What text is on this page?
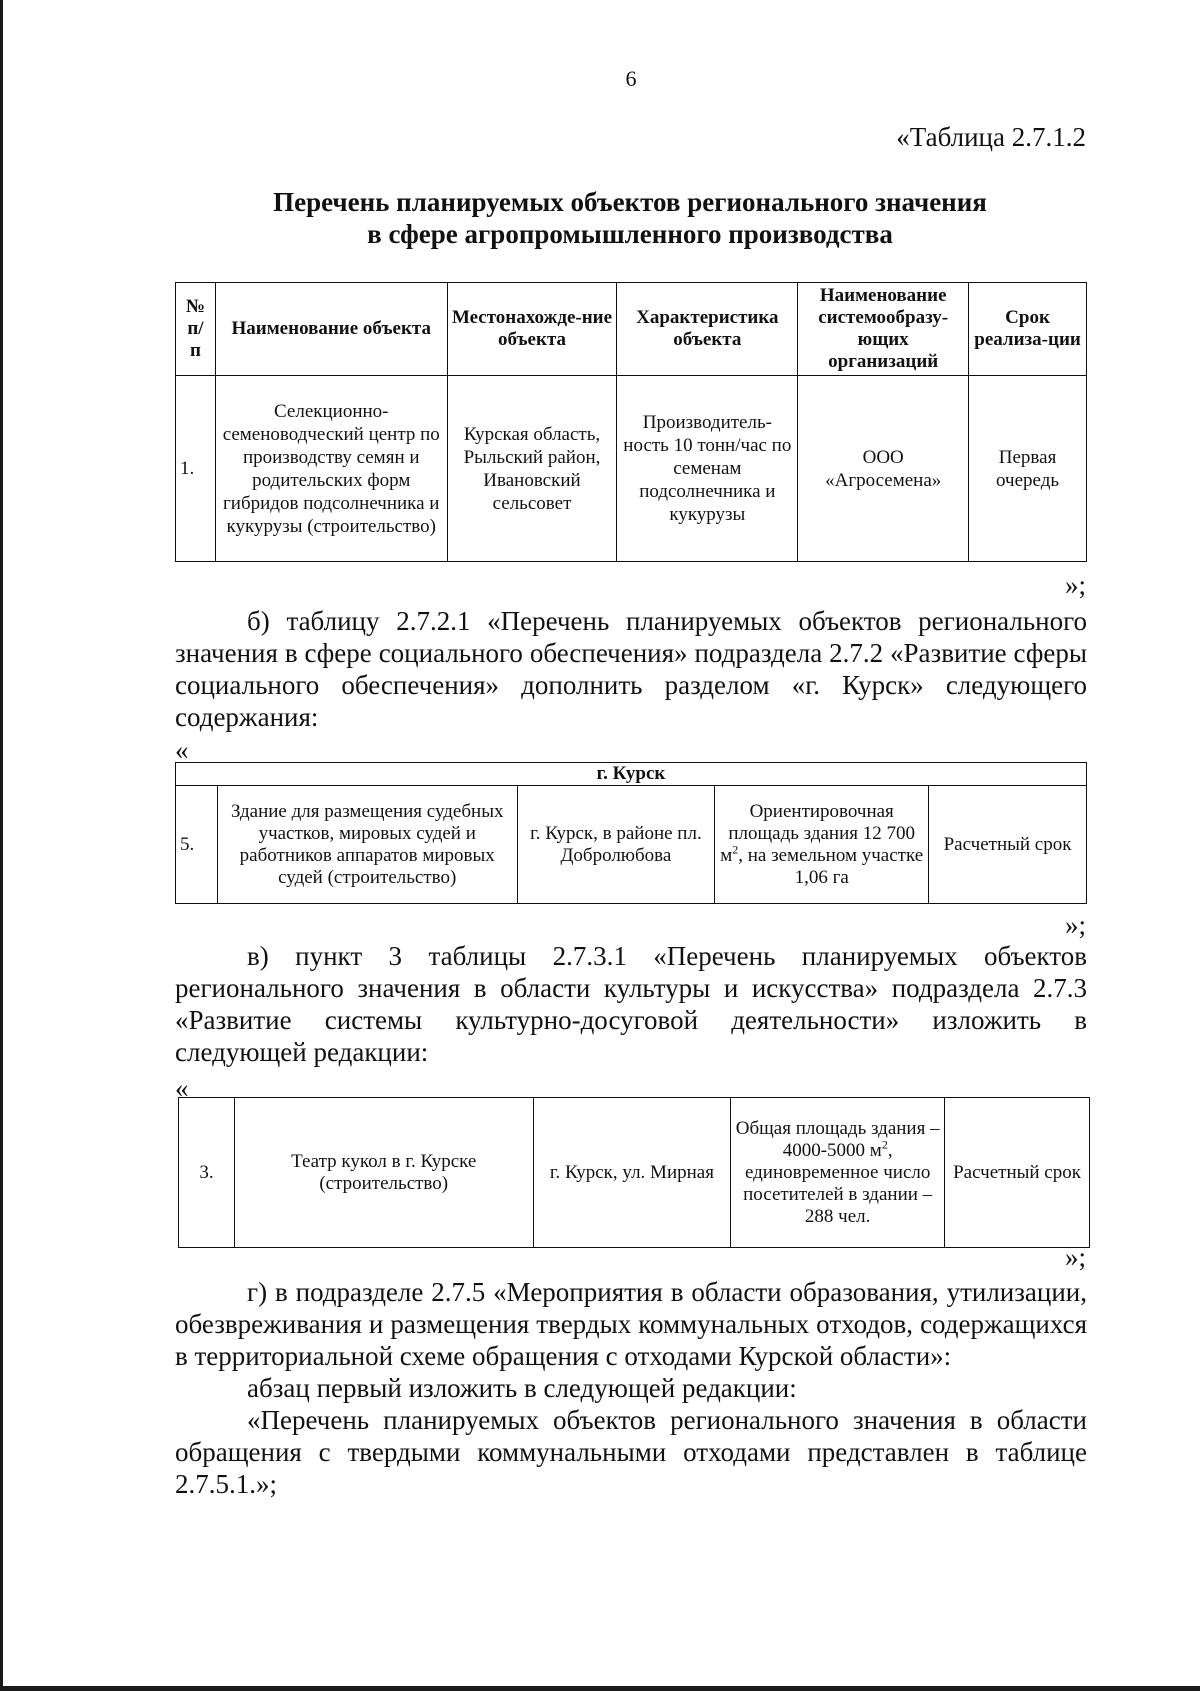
6
«Таблица 2.7.1.2
Перечень планируемых объектов регионального значения
в сфере агропромышленного производства
№ п/ п	Наименование объекта	Местонахожде-ние объекта	Характеристика объекта	Наименование системообразу-ющих организаций	Срок реализа-ции
1.	Селекционно-семеноводческий центр по производству семян и родительских форм гибридов подсолнечника и кукурузы (строительство)	Курская область, Рыльский район, Ивановский сельсовет	Производитель-ность 10 тонн/час по семенам подсолнечника и кукурузы	ООО «Агросемена»	Первая очередь
»;

б) таблицу 2.7.2.1 «Перечень планируемых объектов регионального значения в сфере социального обеспечения» подраздела 2.7.2 «Развитие сферы социального обеспечения» дополнить разделом «г. Курск» следующего содержания:

«
г. Курск
5.	Здание для размещения судебных участков, мировых судей и работников аппаратов мировых судей (строительство)	г. Курск, в районе пл. Добролюбова	Ориентировочная площадь здания 12 700 $м^2$, на земельном участке 1,06 га	Расчетный срок
»;

в) пункт 3 таблицы 2.7.3.1 «Перечень планируемых объектов регионального значения в области культуры и искусства» подраздела 2.7.3 «Развитие системы культурно-досуговой деятельности» изложить в следующей редакции:

«
3.	Театр кукол в г. Курске (строительство)	г. Курск, ул. Мирная	Общая площадь здания – 4000-5000 $м^2$, единовременное число посетителей в здании – 288 чел.	Расчетный срок
»;

г) в подразделе 2.7.5 «Мероприятия в области образования, утилизации, обезвреживания и размещения твердых коммунальных отходов, содержащихся в территориальной схеме обращения с отходами Курской области»:

абзац первый изложить в следующей редакции:

«Перечень планируемых объектов регионального значения в области обращения с твердыми коммунальными отходами представлен в таблице 2.7.5.1.»;
